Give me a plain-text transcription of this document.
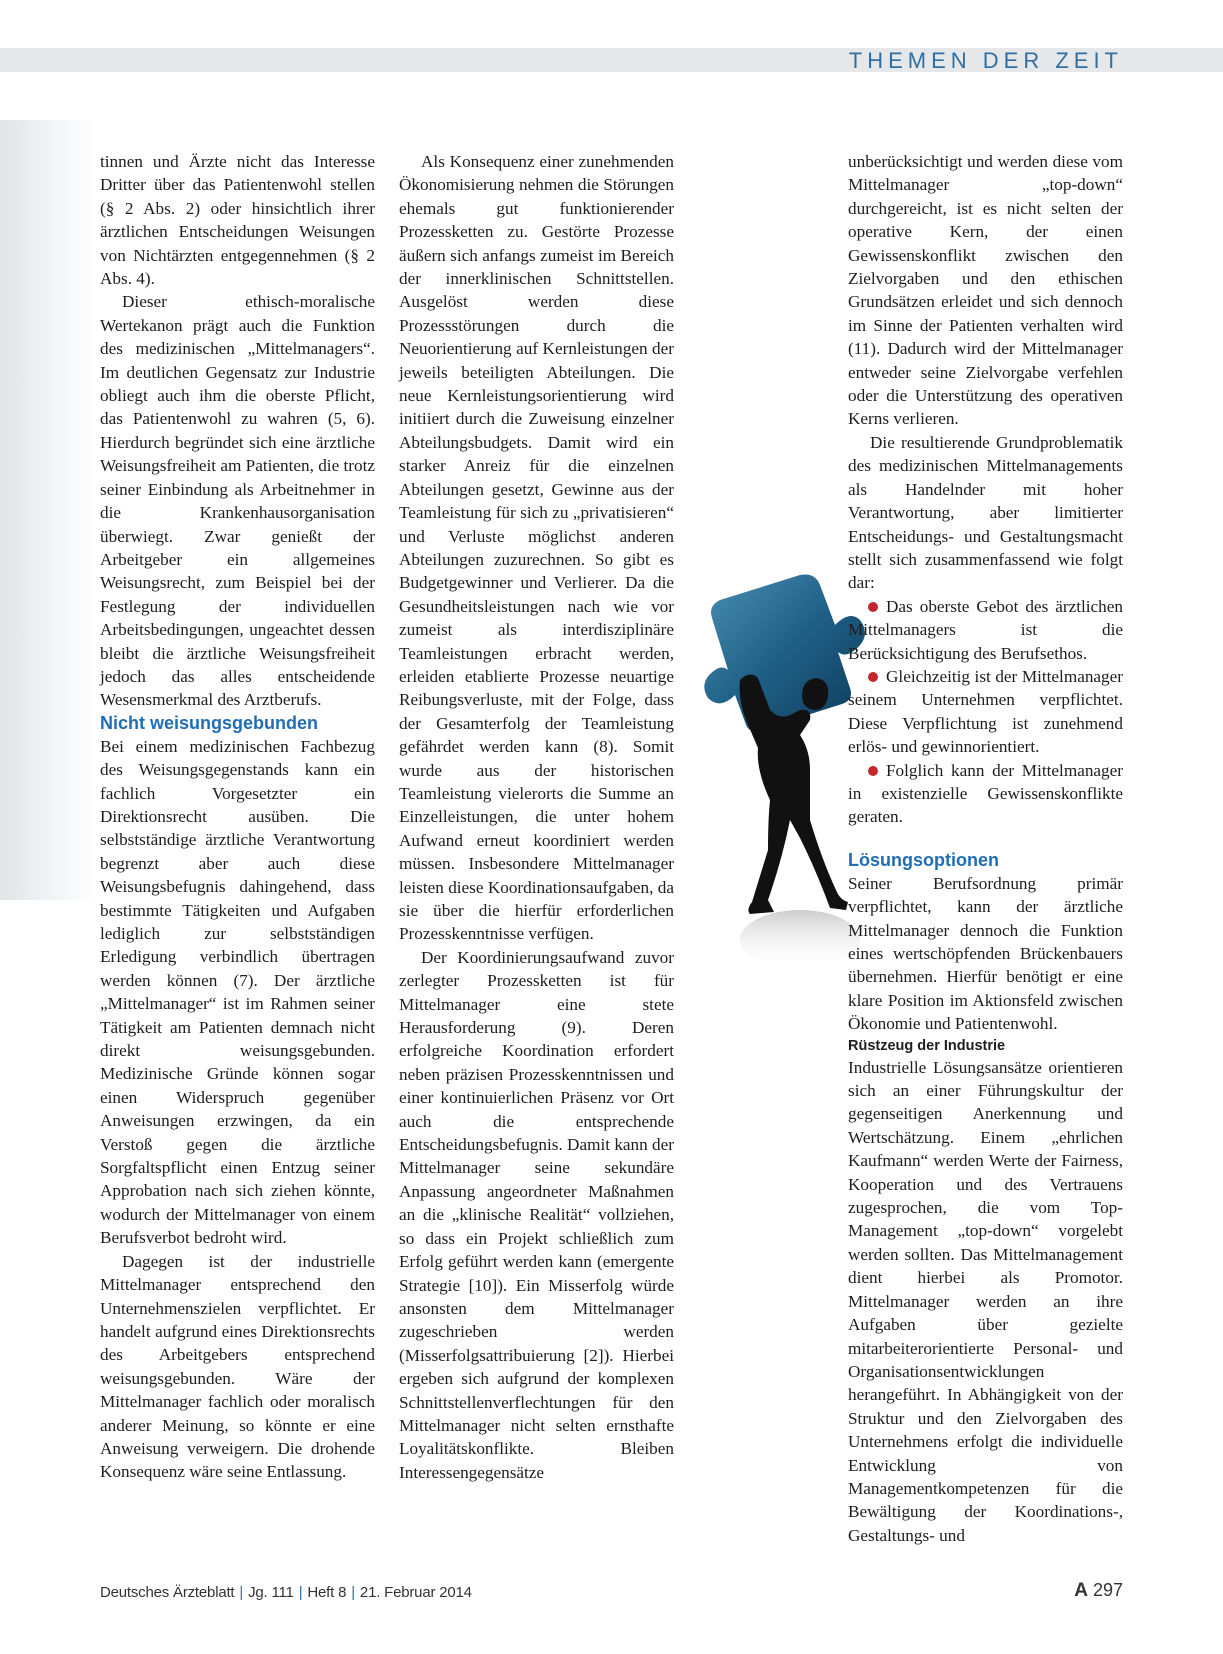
THEMEN DER ZEIT

tinnen und Ärzte nicht das Interesse Dritter über das Patientenwohl stellen (§ 2 Abs. 2) oder hinsichtlich ihrer ärztlichen Entscheidungen Weisungen von Nichtärzten entgegennehmen (§ 2 Abs. 4).

Dieser ethisch-moralische Wertekanon prägt auch die Funktion des medizinischen „Mittelmanagers“. Im deutlichen Gegensatz zur Industrie obliegt auch ihm die oberste Pflicht, das Patientenwohl zu wahren (5, 6). Hierdurch begründet sich eine ärztliche Weisungsfreiheit am Patienten, die trotz seiner Einbindung als Arbeitnehmer in die Krankenhausorganisation überwiegt. Zwar genießt der Arbeitgeber ein allgemeines Weisungsrecht, zum Beispiel bei der Festlegung der individuellen Arbeitsbedingungen, ungeachtet dessen bleibt die ärztliche Weisungsfreiheit jedoch das alles entscheidende Wesensmerkmal des Arztberufs.

Nicht weisungsgebunden

Bei einem medizinischen Fachbezug des Weisungsgegenstands kann ein fachlich Vorgesetzter ein Direktionsrecht ausüben. Die selbstständige ärztliche Verantwortung begrenzt aber auch diese Weisungsbefugnis dahingehend, dass bestimmte Tätigkeiten und Aufgaben lediglich zur selbstständigen Erledigung verbindlich übertragen werden können (7). Der ärztliche „Mittelmanager“ ist im Rahmen seiner Tätigkeit am Patienten demnach nicht direkt weisungsgebunden. Medizinische Gründe können sogar einen Widerspruch gegenüber Anweisungen erzwingen, da ein Verstoß gegen die ärztliche Sorgfaltspflicht einen Entzug seiner Approbation nach sich ziehen könnte, wodurch der Mittelmanager von einem Berufsverbot bedroht wird.

Dagegen ist der industrielle Mittelmanager entsprechend den Unternehmenszielen verpflichtet. Er handelt aufgrund eines Direktionsrechts des Arbeitgebers entsprechend weisungsgebunden. Wäre der Mittelmanager fachlich oder moralisch anderer Meinung, so könnte er eine Anweisung verweigern. Die drohende Konsequenz wäre seine Entlassung.

Als Konsequenz einer zunehmenden Ökonomisierung nehmen die Störungen ehemals gut funktionierender Prozessketten zu. Gestörte Prozesse äußern sich anfangs zumeist im Bereich der innerklinischen Schnittstellen. Ausgelöst werden diese Prozessstörungen durch die Neuorientierung auf Kernleistungen der jeweils beteiligten Abteilungen. Die neue Kernleistungsorientierung wird initiiert durch die Zuweisung einzelner Abteilungsbudgets. Damit wird ein starker Anreiz für die einzelnen Abteilungen gesetzt, Gewinne aus der Teamleistung für sich zu „privatisieren“ und Verluste möglichst anderen Abteilungen zuzurechnen. So gibt es Budgetgewinner und Verlierer. Da die Gesundheitsleistungen nach wie vor zumeist als interdisziplinäre Teamleistungen erbracht werden, erleiden etablierte Prozesse neuartige Reibungsverluste, mit der Folge, dass der Gesamterfolg der Teamleistung gefährdet werden kann (8). Somit wurde aus der historischen Teamleistung vielerorts die Summe an Einzelleistungen, die unter hohem Aufwand erneut koordiniert werden müssen. Insbesondere Mittelmanager leisten diese Koordinationsaufgaben, da sie über die hierfür erforderlichen Prozesskenntnisse verfügen.

Der Koordinierungsaufwand zuvor zerlegter Prozessketten ist für Mittelmanager eine stete Herausforderung (9). Deren erfolgreiche Koordination erfordert neben präzisen Prozesskenntnissen und einer kontinuierlichen Präsenz vor Ort auch die entsprechende Entscheidungsbefugnis. Damit kann der Mittelmanager seine sekundäre Anpassung angeordneter Maßnahmen an die „klinische Realität“ vollziehen, so dass ein Projekt schließlich zum Erfolg geführt werden kann (emergente Strategie [10]). Ein Misserfolg würde ansonsten dem Mittelmanager zugeschrieben werden (Misserfolgsattribuierung [2]). Hierbei ergeben sich aufgrund der komplexen Schnittstellenverflechtungen für den Mittelmanager nicht selten ernsthafte Loyalitätskonflikte. Bleiben Interessengegensätze

unberücksichtigt und werden diese vom Mittelmanager „top-down“ durchgereicht, ist es nicht selten der operative Kern, der einen Gewissenskonflikt zwischen den Zielvorgaben und den ethischen Grundsätzen erleidet und sich dennoch im Sinne der Patienten verhalten wird (11). Dadurch wird der Mittelmanager entweder seine Zielvorgabe verfehlen oder die Unterstützung des operativen Kerns verlieren.

Die resultierende Grundproblematik des medizinischen Mittelmanagements als Handelnder mit hoher Verantwortung, aber limitierter Entscheidungs- und Gestaltungsmacht stellt sich zusammenfassend wie folgt dar:

Das oberste Gebot des ärztlichen Mittelmanagers ist die Berücksichtigung des Berufsethos.

Gleichzeitig ist der Mittelmanager seinem Unternehmen verpflichtet. Diese Verpflichtung ist zunehmend erlös- und gewinnorientiert.

Folglich kann der Mittelmanager in existenzielle Gewissenskonflikte geraten.

Lösungsoptionen

Seiner Berufsordnung primär verpflichtet, kann der ärztliche Mittelmanager dennoch die Funktion eines wertschöpfenden Brückenbauers übernehmen. Hierfür benötigt er eine klare Position im Aktionsfeld zwischen Ökonomie und Patientenwohl.

Rüstzeug der Industrie

Industrielle Lösungsansätze orientieren sich an einer Führungskultur der gegenseitigen Anerkennung und Wertschätzung. Einem „ehrlichen Kaufmann“ werden Werte der Fairness, Kooperation und des Vertrauens zugesprochen, die vom Top-Management „top-down“ vorgelebt werden sollten. Das Mittelmanagement dient hierbei als Promotor. Mittelmanager werden an ihre Aufgaben über gezielte mitarbeiterorientierte Personal- und Organisationsentwicklungen herangeführt. In Abhängigkeit von der Struktur und den Zielvorgaben des Unternehmens erfolgt die individuelle Entwicklung von Managementkompetenzen für die Bewältigung der Koordinations-, Gestaltungs- und

Deutsches Ärzteblatt | Jg. 111 | Heft 8 | 21. Februar 2014	A 297
